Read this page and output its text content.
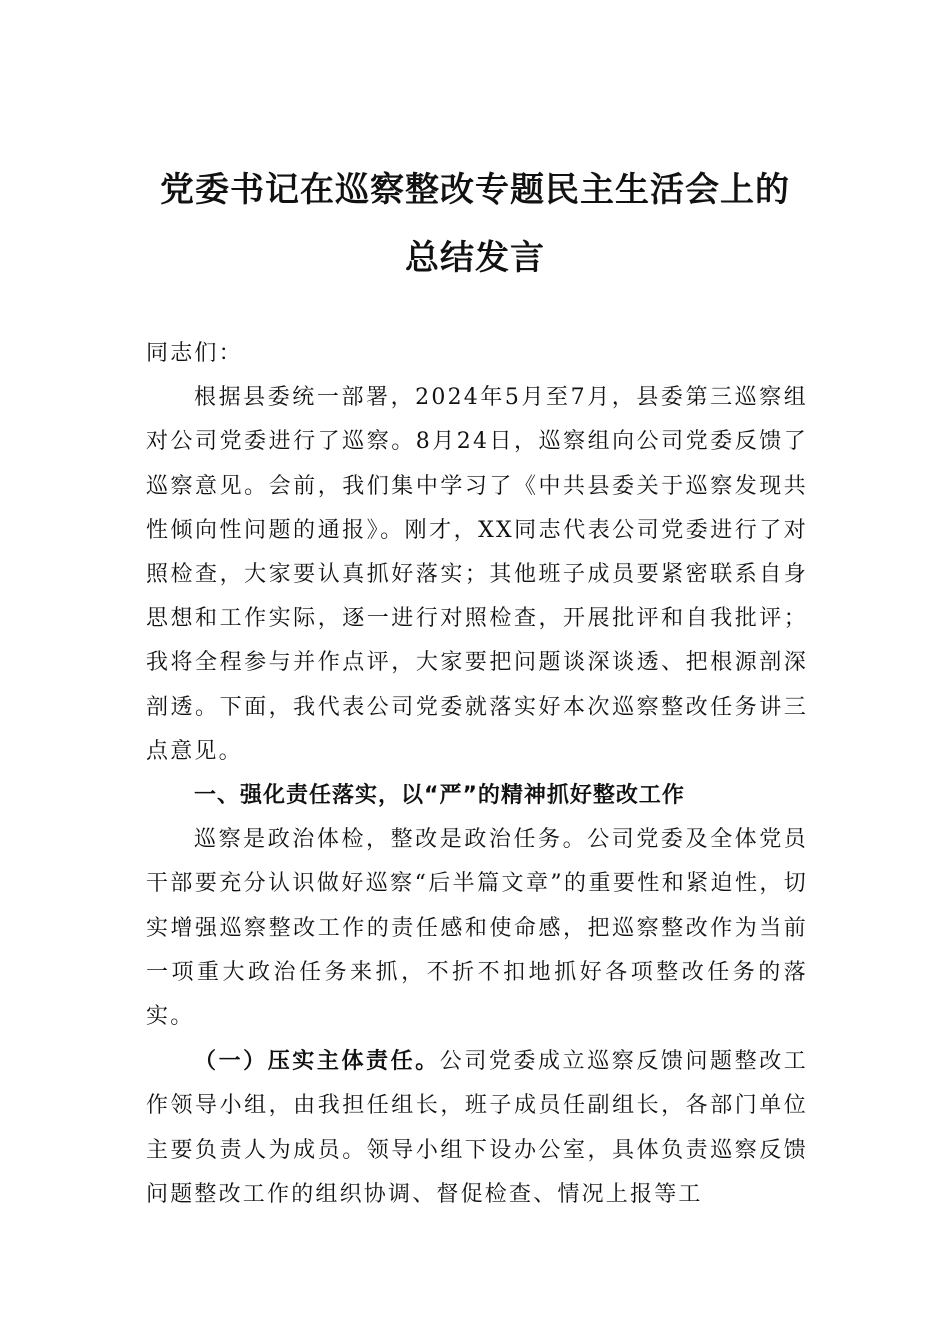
党委书记在巡察整改专题民主生活会上的
总结发言

同志们：

根据县委统一部署，2024年5月至7月，县委第三巡察组对公司党委进行了巡察。8月24日，巡察组向公司党委反馈了巡察意见。会前，我们集中学习了《中共县委关于巡察发现共性倾向性问题的通报》。刚才，XX同志代表公司党委进行了对照检查，大家要认真抓好落实；其他班子成员要紧密联系自身思想和工作实际，逐一进行对照检查，开展批评和自我批评；我将全程参与并作点评，大家要把问题谈深谈透、把根源剖深剖透。下面，我代表公司党委就落实好本次巡察整改任务讲三点意见。

一、强化责任落实，以“严”的精神抓好整改工作

巡察是政治体检，整改是政治任务。公司党委及全体党员干部要充分认识做好巡察“后半篇文章”的重要性和紧迫性，切实增强巡察整改工作的责任感和使命感，把巡察整改作为当前一项重大政治任务来抓，不折不扣地抓好各项整改任务的落实。

（一）压实主体责任。公司党委成立巡察反馈问题整改工作领导小组，由我担任组长，班子成员任副组长，各部门单位主要负责人为成员。领导小组下设办公室，具体负责巡察反馈问题整改工作的组织协调、督促检查、情况上报等工
